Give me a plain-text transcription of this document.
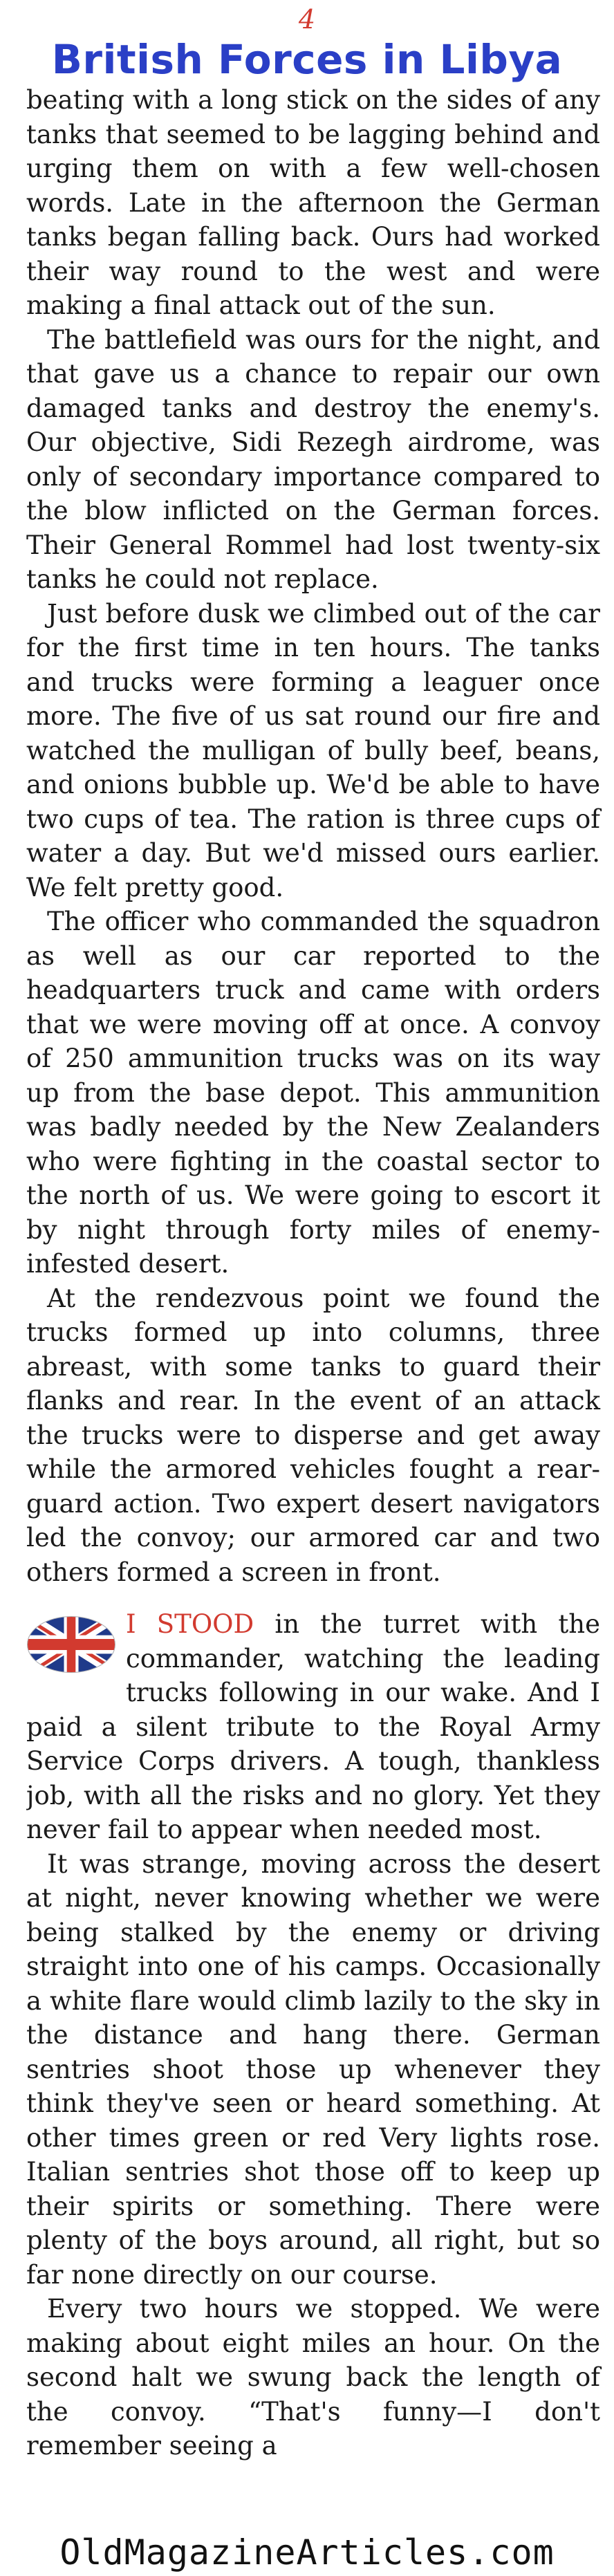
4
British Forces in Libya

beating with a long stick on the sides of any tanks that seemed to be lagging behind and urging them on with a few well-chosen words. Late in the afternoon the German tanks began falling back. Ours had worked their way round to the west and were making a final attack out of the sun.

The battlefield was ours for the night, and that gave us a chance to repair our own damaged tanks and destroy the enemy's. Our objective, Sidi Rezegh airdrome, was only of secondary importance compared to the blow inflicted on the German forces. Their General Rommel had lost twenty-six tanks he could not replace.

Just before dusk we climbed out of the car for the first time in ten hours. The tanks and trucks were forming a leaguer once more. The five of us sat round our fire and watched the mulligan of bully beef, beans, and onions bubble up. We'd be able to have two cups of tea. The ration is three cups of water a day. But we'd missed ours earlier. We felt pretty good.

The officer who commanded the squadron as well as our car reported to the headquarters truck and came with orders that we were moving off at once. A convoy of 250 ammunition trucks was on its way up from the base depot. This ammunition was badly needed by the New Zealanders who were fighting in the coastal sector to the north of us. We were going to escort it by night through forty miles of enemy-infested desert.

At the rendezvous point we found the trucks formed up into columns, three abreast, with some tanks to guard their flanks and rear. In the event of an attack the trucks were to disperse and get away while the armored vehicles fought a rear-guard action. Two expert desert navigators led the convoy; our armored car and two others formed a screen in front.

I STOOD in the turret with the commander, watching the leading trucks following in our wake. And I paid a silent tribute to the Royal Army Service Corps drivers. A tough, thankless job, with all the risks and no glory. Yet they never fail to appear when needed most.

It was strange, moving across the desert at night, never knowing whether we were being stalked by the enemy or driving straight into one of his camps. Occasionally a white flare would climb lazily to the sky in the distance and hang there. German sentries shoot those up whenever they think they've seen or heard something. At other times green or red Very lights rose. Italian sentries shot those off to keep up their spirits or something. There were plenty of the boys around, all right, but so far none directly on our course.

Every two hours we stopped. We were making about eight miles an hour. On the second halt we swung back the length of the convoy. “That's funny—I don't remember seeing a

OldMagazineArticles.com
